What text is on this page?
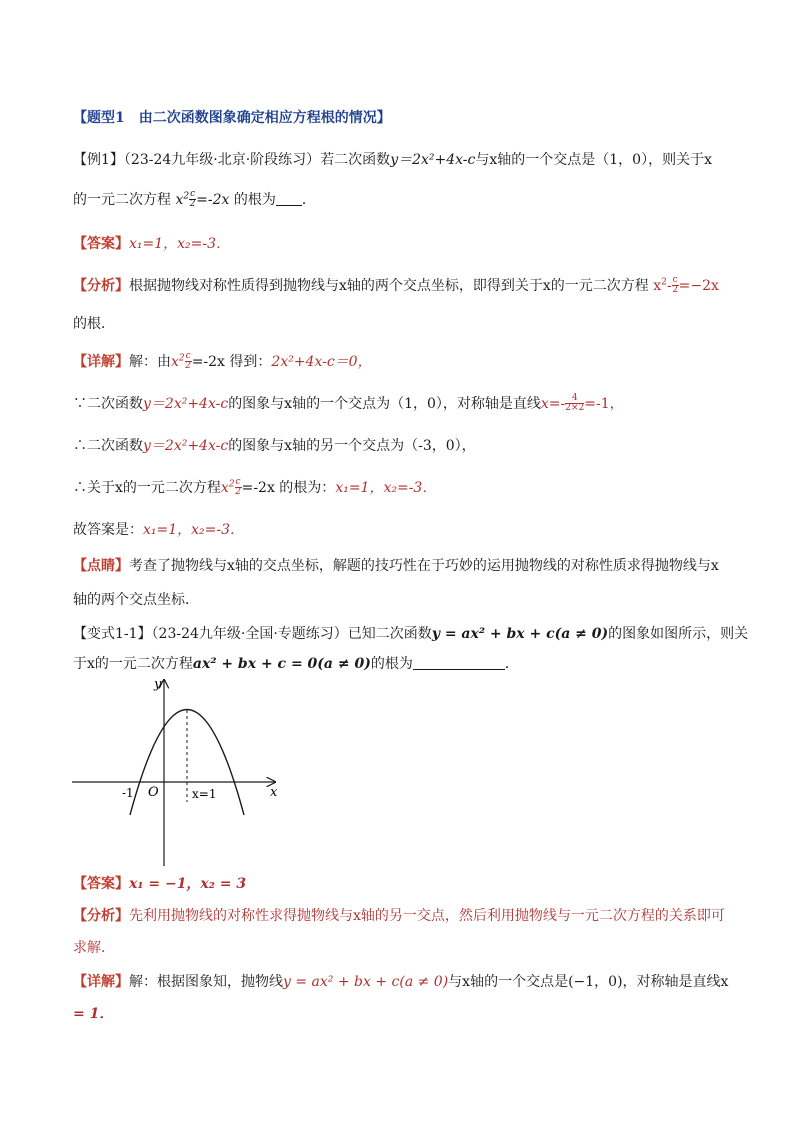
【题型1　由二次函数图象确定相应方程根的情况】
【例1】（23-24九年级·北京·阶段练习）若二次函数y＝2x²+4x-c与x轴的一个交点是（1，0），则关于x
的一元二次方程 $x^2 \frac{c}{2} =-2x$ 的根为 ．
【答案】x₁=1，x₂=-3．
【分析】根据抛物线对称性质得到抛物线与x轴的两个交点坐标，即得到关于x的一元二次方程 $x^2- \frac{c}{2} =-2x$
的根．
【详解】解：由$x^2 \frac{c}{2} =-2x$ 得到：2x²+4x-c＝0，
∵二次函数y＝2x²+4x-c的图象与x轴的一个交点为（1，0），对称轴是直线$x=- \frac{4}{2\times 2} =-1$，
∴二次函数y＝2x²+4x-c的图象与x轴的另一个交点为（-3，0），
∴关于x的一元二次方程$x^2 \frac{c}{2} =-2x$ 的根为：x₁=1，x₂=-3．
故答案是：x₁=1，x₂=-3．
【点睛】考查了抛物线与x轴的交点坐标，解题的技巧性在于巧妙的运用抛物线的对称性质求得抛物线与x
轴的两个交点坐标．
【变式1-1】（23-24九年级·全国·专题练习）已知二次函数y = ax² + bx + c(a ≠ 0)的图象如图所示，则关
于x的一元二次方程ax² + bx + c = 0(a ≠ 0)的根为	．
y
x
O
-1	x=1
【答案】x₁ = −1，x₂ = 3
【分析】先利用抛物线的对称性求得抛物线与x轴的另一交点，然后利用抛物线与一元二次方程的关系即可
求解．
【详解】解：根据图象知，抛物线y = ax² + bx + c(a ≠ 0)与x轴的一个交点是(−1，0)，对称轴是直线x
= 1．
